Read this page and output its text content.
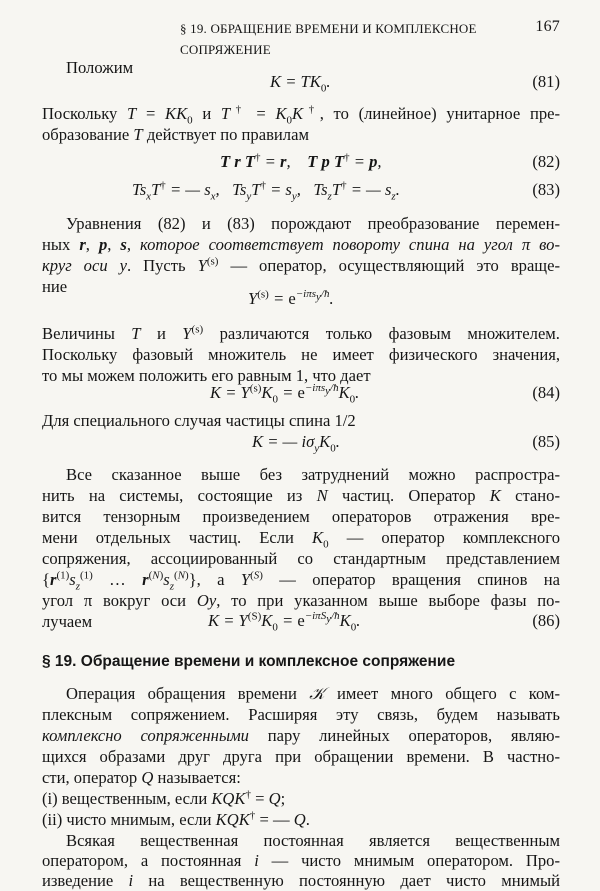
§ 19. ОБРАЩЕНИЕ ВРЕМЕНИ И КОМПЛЕКСНОЕ СОПРЯЖЕНИЕ
167
Положим
$K = TK_0$.	(81)
Поскольку $T = KK_0$ и $T^\dagger = K_0K^\dagger$, то (линейное) унитарное пре-
образование T действует по правилам
T r T† = r,    T p T† = p,	(82)
$Ts_xT^\dagger$ = — $s_x$,   $Ts_yT^\dagger = s_y$,   $Ts_zT^\dagger$ = — $s_z$.	(83)
Уравнения (82) и (83) порождают преобразование перемен-
ных r, p, s, которое соответствует повороту спина на угол π во-
круг оси y. Пусть $Y^{(s)}$ — оператор, осуществляющий это враще-
ние
$Y^{(s)} = e^{-i\pi s_y/ħ}$.
Величины T и $Y^{(s)}$ различаются только фазовым множителем.
Поскольку фазовый множитель не имеет физического значения,
то мы можем положить его равным 1, что дает
$K = Y^{(s)}K_0 = e^{-i\pi s_y/ħ}K_0$.	(84)
Для специального случая частицы спина 1/2
K = — $i\sigma_yK_0$.	(85)
Все сказанное выше без затруднений можно распростра-
нить на системы, состоящие из N частиц. Оператор K стано-
вится тензорным произведением операторов отражения вре-
мени отдельных частиц. Если $K_0$ — оператор комплексного
сопряжения, ассоциированный со стандартным представлением
{$r^{(1)}s_z^{(1)}$ … $r^{(N)}s_z^{(N)}$}, а $Y^{(S)}$ — оператор вращения спинов на
угол π вокруг оси Oy, то при указанном выше выборе фазы по-
лучаем	$K = Y^{(S)}K_0 = e^{-i\pi S_y/ħ}K_0$.	(86)
§ 19. Обращение времени и комплексное сопряжение
Операция обращения времени 𝒦 имеет много общего с ком-
плексным сопряжением. Расширяя эту связь, будем называть
комплексно сопряженными пару линейных операторов, являю-
щихся образами друг друга при обращении времени. В частно-
сти, оператор Q называется:
(i) вещественным, если KQK† = Q;
(ii) чисто мнимым, если KQK† = — Q.
Всякая вещественная постоянная является вещественным
оператором, а постоянная i — чисто мнимым оператором. Про-
изведение i на вещественную постоянную дает чисто мнимый
